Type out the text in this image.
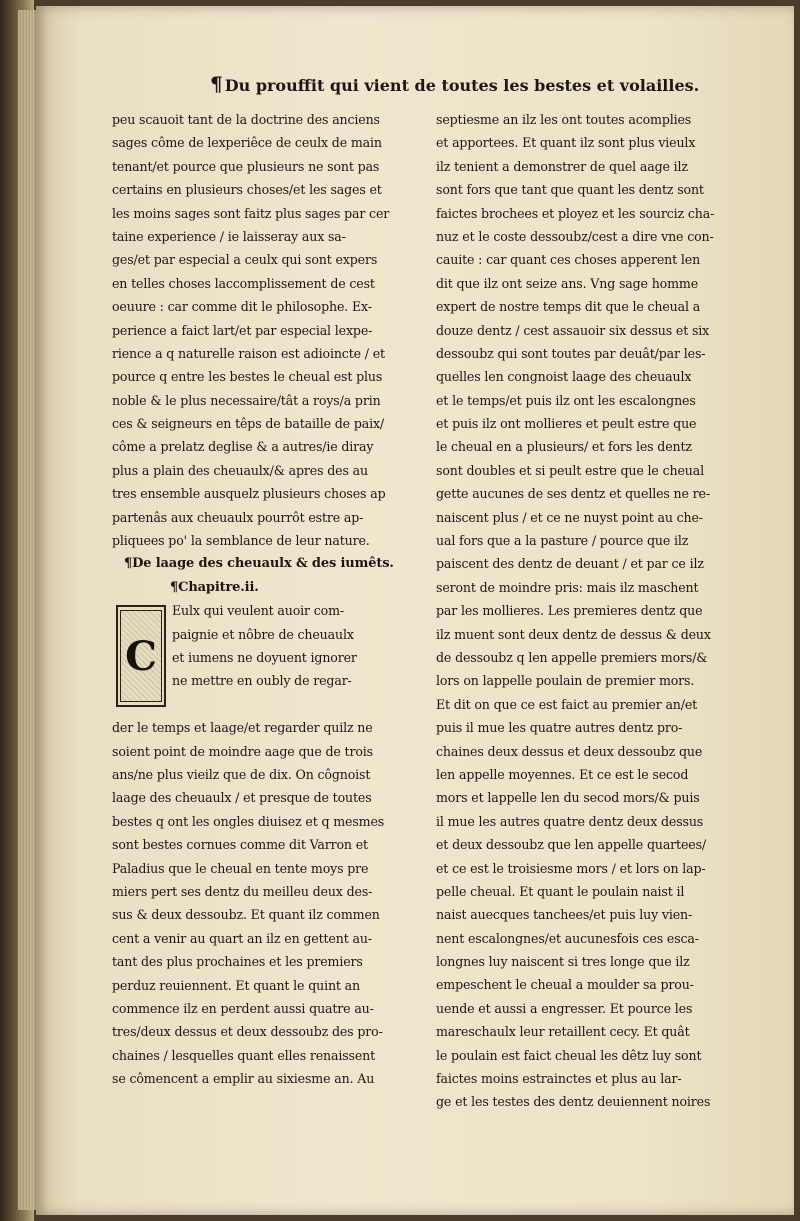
¶ Du prouffit qui vient de toutes les bestes et volailles.
peu scauoit tant de la doctrine des anciens
sages côme de lexperiêce de ceulx de main
tenant/et pource que plusieurs ne sont pas
certains en plusieurs choses/et les sages et
les moins sages sont faitz plus sages par cer
taine experience / ie laisseray aux sa-
ges/et par especial a ceulx qui sont expers
en telles choses laccomplissement de cest
oeuure : car comme dit le philosophe. Ex-
perience a faict lart/et par especial lexpe-
rience a q naturelle raison est adioincte / et
pource q entre les bestes le cheual est plus
noble & le plus necessaire/tât a roys/a prin
ces & seigneurs en têps de bataille de paix/
côme a prelatz deglise & a autres/ie diray
plus a plain des cheuaulx/& apres des au
tres ensemble ausquelz plusieurs choses ap
partenâs aux cheuaulx pourrôt estre ap-
pliquees po' la semblance de leur nature.
¶De laage des cheuaulx & des iumêts.
¶Chapitre.ii.
C
Eulx qui veulent auoir com-
paignie et nôbre de cheuaulx
et iumens ne doyuent ignorer
ne mettre en oubly de regar-
der le temps et laage/et regarder quilz ne
soient point de moindre aage que de trois
ans/ne plus vieilz que de dix. On côgnoist
laage des cheuaulx / et presque de toutes
bestes q ont les ongles diuisez et q mesmes
sont bestes cornues comme dit Varron et
Paladius que le cheual en tente moys pre
miers pert ses dentz du meilleu deux des-
sus & deux dessoubz. Et quant ilz commen
cent a venir au quart an ilz en gettent au-
tant des plus prochaines et les premiers
perduz reuiennent. Et quant le quint an
commence ilz en perdent aussi quatre au-
tres/deux dessus et deux dessoubz des pro-
chaines / lesquelles quant elles renaissent
se cômencent a emplir au sixiesme an. Au
septiesme an ilz les ont toutes acomplies
et apportees. Et quant ilz sont plus vieulx
ilz tenient a demonstrer de quel aage ilz
sont fors que tant que quant les dentz sont
faictes brochees et ployez et les sourciz cha-
nuz et le coste dessoubz/cest a dire vne con-
cauite : car quant ces choses apperent len
dit que ilz ont seize ans. Vng sage homme
expert de nostre temps dit que le cheual a
douze dentz / cest assauoir six dessus et six
dessoubz qui sont toutes par deuât/par les-
quelles len congnoist laage des cheuaulx
et le temps/et puis ilz ont les escalongnes
et puis ilz ont mollieres et peult estre que
le cheual en a plusieurs/ et fors les dentz
sont doubles et si peult estre que le cheual
gette aucunes de ses dentz et quelles ne re-
naiscent plus / et ce ne nuyst point au che-
ual fors que a la pasture / pource que ilz
paiscent des dentz de deuant / et par ce ilz
seront de moindre pris: mais ilz maschent
par les mollieres. Les premieres dentz que
ilz muent sont deux dentz de dessus & deux
de dessoubz q len appelle premiers mors/&
lors on lappelle poulain de premier mors.
Et dit on que ce est faict au premier an/et
puis il mue les quatre autres dentz pro-
chaines deux dessus et deux dessoubz que
len appelle moyennes. Et ce est le secod
mors et lappelle len du secod mors/& puis
il mue les autres quatre dentz deux dessus
et deux dessoubz que len appelle quartees/
et ce est le troisiesme mors / et lors on lap-
pelle cheual. Et quant le poulain naist il
naist auecques tanchees/et puis luy vien-
nent escalongnes/et aucunesfois ces esca-
longnes luy naiscent si tres longe que ilz
empeschent le cheual a moulder sa prou-
uende et aussi a engresser. Et pource les
mareschaulx leur retaillent cecy. Et quât
le poulain est faict cheual les dêtz luy sont
faictes moins estrainctes et plus au lar-
ge et les testes des dentz deuiennent noires
